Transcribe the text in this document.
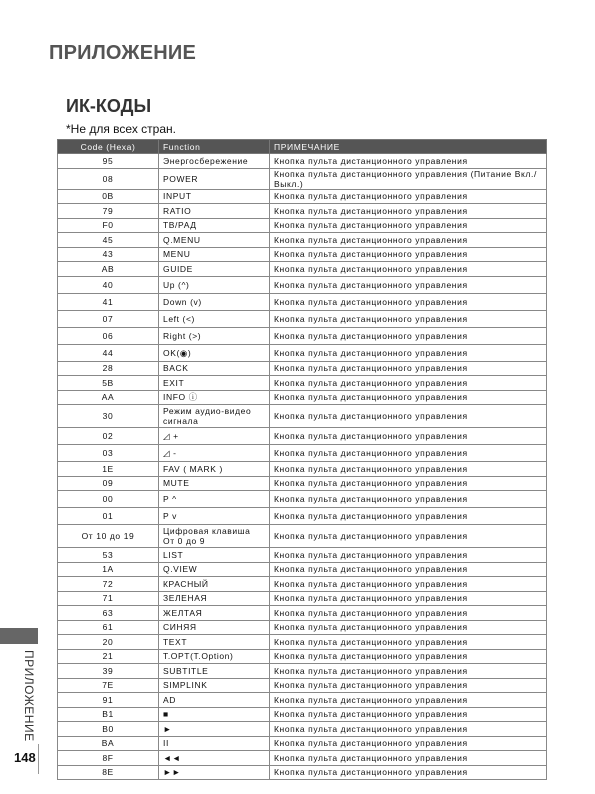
ПРИЛОЖЕНИЕ
ИК-КОДЫ
*Не для всех стран.
Code (Hexa)	Function	ПРИМЕЧАНИЕ
95	Энергосбережение	Кнопка пульта дистанционного управления
08	POWER	Кнопка пульта дистанционного управления (Питание Вкл./Выкл.)
0B	INPUT	Кнопка пульта дистанционного управления
79	RATIO	Кнопка пульта дистанционного управления
F0	ТВ/РАД	Кнопка пульта дистанционного управления
45	Q.MENU	Кнопка пульта дистанционного управления
43	MENU	Кнопка пульта дистанционного управления
AB	GUIDE	Кнопка пульта дистанционного управления
40	Up (^)	Кнопка пульта дистанционного управления
41	Down (v)	Кнопка пульта дистанционного управления
07	Left (<)	Кнопка пульта дистанционного управления
06	Right (>)	Кнопка пульта дистанционного управления
44	OK(◉)	Кнопка пульта дистанционного управления
28	BACK	Кнопка пульта дистанционного управления
5B	EXIT	Кнопка пульта дистанционного управления
AA	INFO ⓘ	Кнопка пульта дистанционного управления
30	Режим аудио-видео сигнала	Кнопка пульта дистанционного управления
02	◿ +	Кнопка пульта дистанционного управления
03	◿ -	Кнопка пульта дистанционного управления
1E	FAV ( MARK )	Кнопка пульта дистанционного управления
09	MUTE	Кнопка пульта дистанционного управления
00	P ^	Кнопка пульта дистанционного управления
01	P v	Кнопка пульта дистанционного управления
От 10 до 19	Цифровая клавиша От 0 до 9	Кнопка пульта дистанционного управления
53	LIST	Кнопка пульта дистанционного управления
1A	Q.VIEW	Кнопка пульта дистанционного управления
72	КРАСНЫЙ	Кнопка пульта дистанционного управления
71	ЗЕЛЕНАЯ	Кнопка пульта дистанционного управления
63	ЖЕЛТАЯ	Кнопка пульта дистанционного управления
61	СИНЯЯ	Кнопка пульта дистанционного управления
20	TEXT	Кнопка пульта дистанционного управления
21	T.OPT(T.Option)	Кнопка пульта дистанционного управления
39	SUBTITLE	Кнопка пульта дистанционного управления
7E	SIMPLINK	Кнопка пульта дистанционного управления
91	AD	Кнопка пульта дистанционного управления
B1	■	Кнопка пульта дистанционного управления
B0	►	Кнопка пульта дистанционного управления
BA	II	Кнопка пульта дистанционного управления
8F	◄◄	Кнопка пульта дистанционного управления
8E	►►	Кнопка пульта дистанционного управления
ПРИЛОЖЕНИЕ
148
